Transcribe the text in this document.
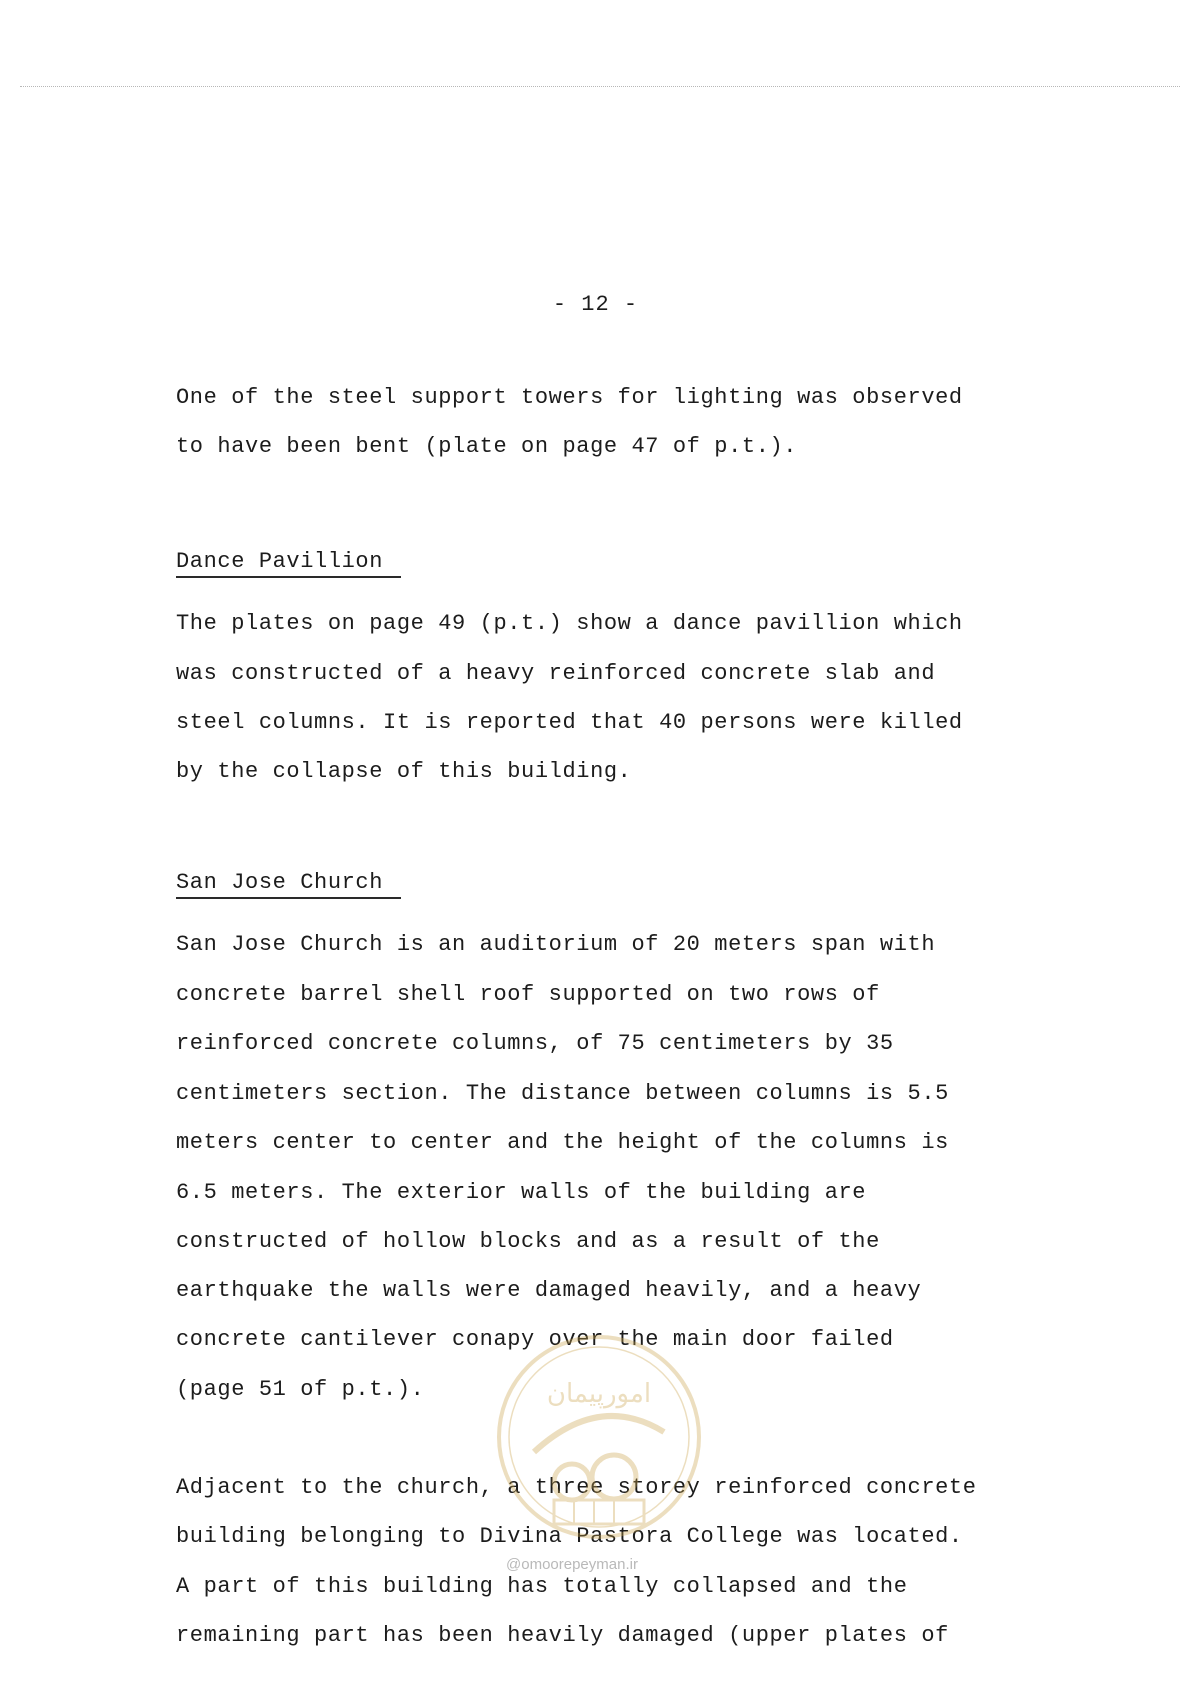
- 12 -
One of the steel support towers for lighting was observed
to have been bent (plate on page 47 of p.t.).
Dance Pavillion
The plates on page 49 (p.t.) show a dance pavillion which
was constructed of a heavy reinforced concrete slab and
steel columns. It is reported that 40 persons were killed
by the collapse of this building.
San Jose Church
San Jose Church is an auditorium of 20 meters span with
concrete barrel shell roof supported on two rows of
reinforced concrete columns, of 75 centimeters by 35
centimeters section. The distance between columns is 5.5
meters center to center and the height of the columns is
6.5 meters. The exterior walls of the building are
constructed of hollow blocks and as a result of the
earthquake the walls were damaged heavily, and a heavy
concrete cantilever conapy over the main door failed
(page 51 of p.t.).
Adjacent to the church, a three storey reinforced concrete
building belonging to Divina Pastora College was located.
A part of this building has totally collapsed and the
remaining part has been heavily damaged (upper plates of
امورپیمان
@omoorepeyman.ir
